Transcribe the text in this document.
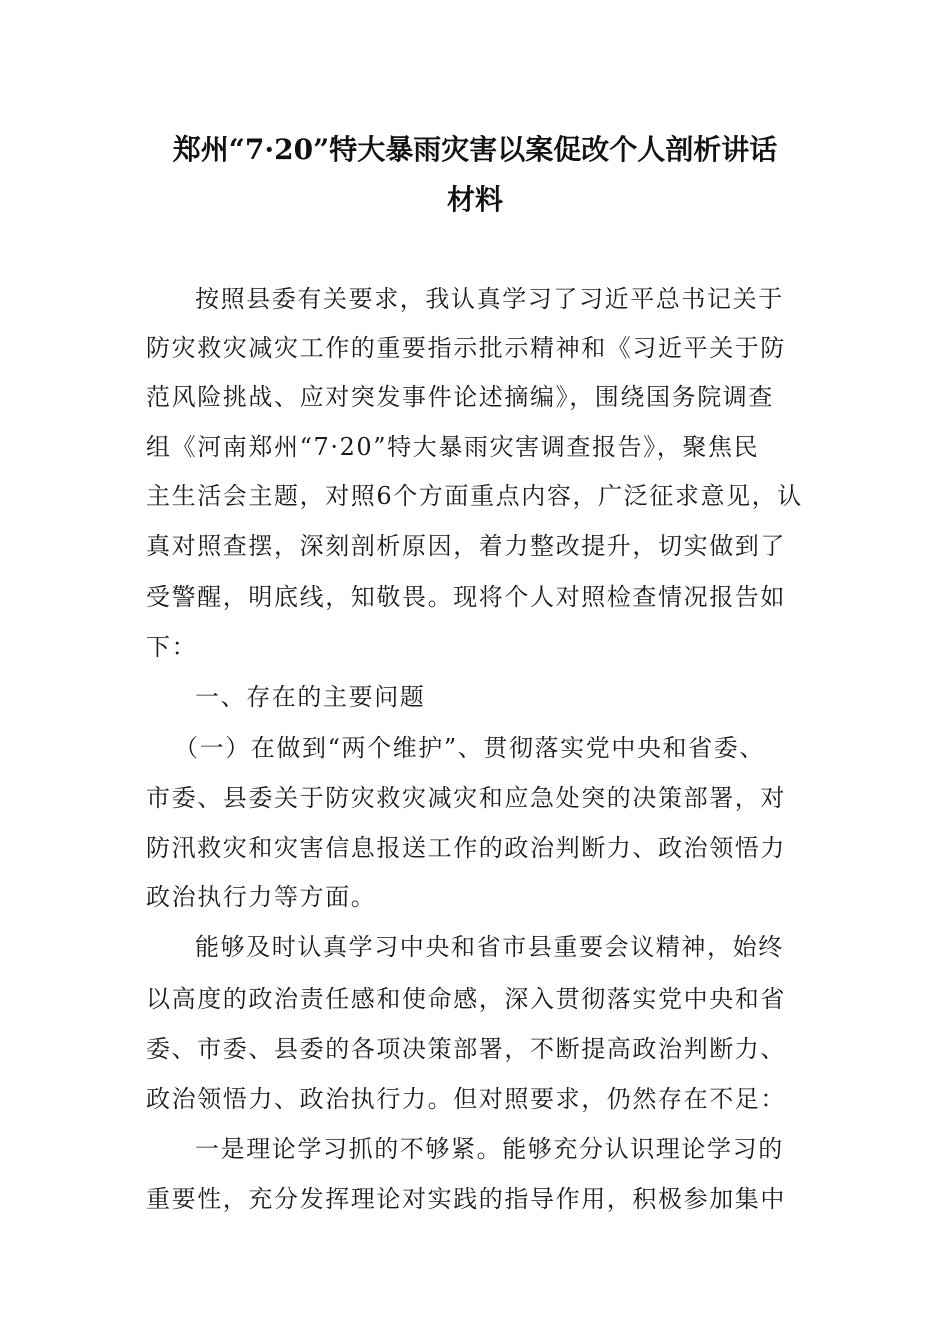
郑州“7·20”特大暴雨灾害以案促改个人剖析讲话
材料
按照县委有关要求，我认真学习了习近平总书记关于
防灾救灾减灾工作的重要指示批示精神和《习近平关于防
范风险挑战、应对突发事件论述摘编》，围绕国务院调查
组《河南郑州“7·20”特大暴雨灾害调查报告》，聚焦民
主生活会主题，对照6个方面重点内容，广泛征求意见，认
真对照查摆，深刻剖析原因，着力整改提升，切实做到了
受警醒，明底线，知敬畏。现将个人对照检查情况报告如
下：
一、存在的主要问题
（一）在做到“两个维护”、贯彻落实党中央和省委、
市委、县委关于防灾救灾减灾和应急处突的决策部署，对
防汛救灾和灾害信息报送工作的政治判断力、政治领悟力
政治执行力等方面。
能够及时认真学习中央和省市县重要会议精神，始终
以高度的政治责任感和使命感，深入贯彻落实党中央和省
委、市委、县委的各项决策部署，不断提高政治判断力、
政治领悟力、政治执行力。但对照要求，仍然存在不足：
一是理论学习抓的不够紧。能够充分认识理论学习的
重要性，充分发挥理论对实践的指导作用，积极参加集中
